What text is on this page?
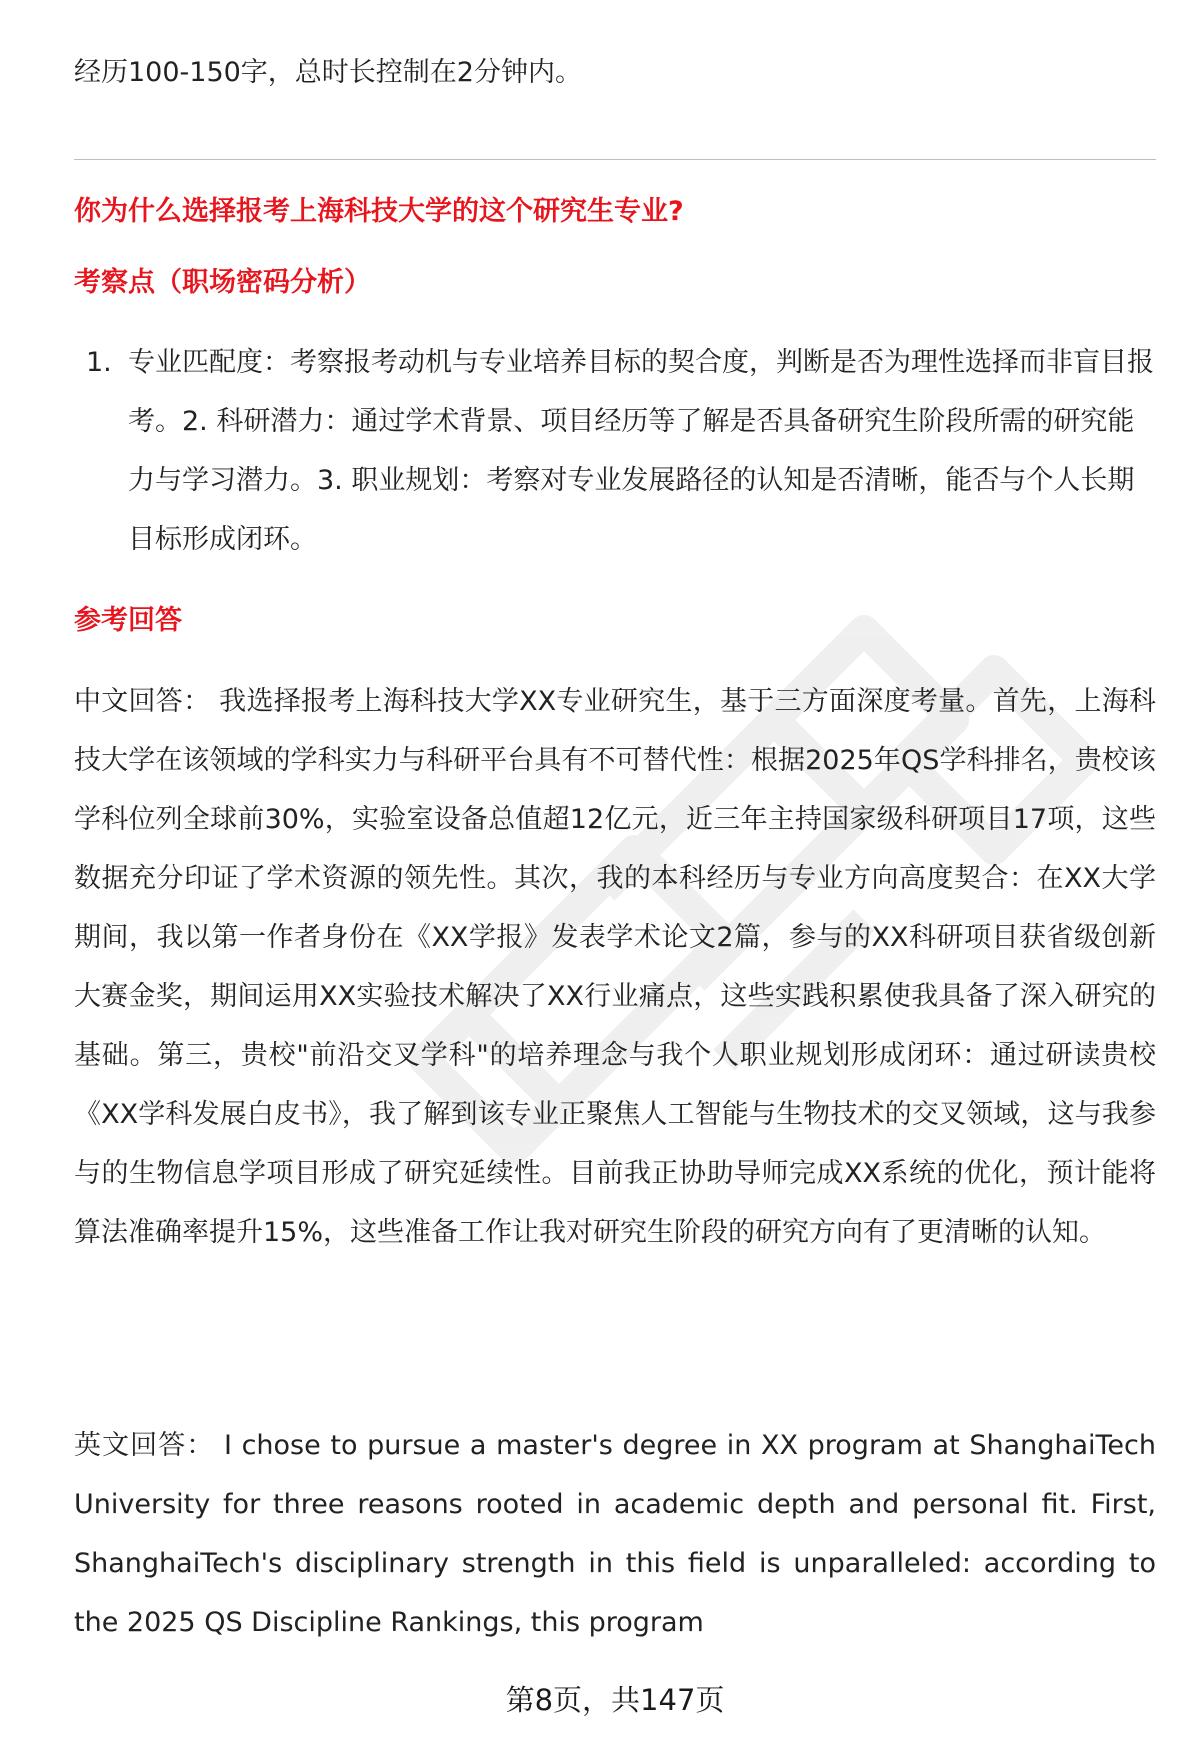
经历100-150字，总时长控制在2分钟内。
你为什么选择报考上海科技大学的这个研究生专业?
考察点（职场密码分析）
1. 专业匹配度：考察报考动机与专业培养目标的契合度，判断是否为理性选择而非盲目报考。2. 科研潜力：通过学术背景、项目经历等了解是否具备研究生阶段所需的研究能力与学习潜力。3. 职业规划：考察对专业发展路径的认知是否清晰，能否与个人长期目标形成闭环。
参考回答
中文回答： 我选择报考上海科技大学XX专业研究生，基于三方面深度考量。首先，上海科技大学在该领域的学科实力与科研平台具有不可替代性：根据2025年QS学科排名，贵校该学科位列全球前30%，实验室设备总值超12亿元，近三年主持国家级科研项目17项，这些数据充分印证了学术资源的领先性。其次，我的本科经历与专业方向高度契合：在XX大学期间，我以第一作者身份在《XX学报》发表学术论文2篇，参与的XX科研项目获省级创新大赛金奖，期间运用XX实验技术解决了XX行业痛点，这些实践积累使我具备了深入研究的基础。第三，贵校"前沿交叉学科"的培养理念与我个人职业规划形成闭环：通过研读贵校《XX学科发展白皮书》，我了解到该专业正聚焦人工智能与生物技术的交叉领域，这与我参与的生物信息学项目形成了研究延续性。目前我正协助导师完成XX系统的优化，预计能将算法准确率提升15%，这些准备工作让我对研究生阶段的研究方向有了更清晰的认知。
英文回答： I chose to pursue a master's degree in XX program at ShanghaiTech University for three reasons rooted in academic depth and personal fit. First, ShanghaiTech's disciplinary strength in this field is unparalleled: according to the 2025 QS Discipline Rankings, this program
第8页，共147页
